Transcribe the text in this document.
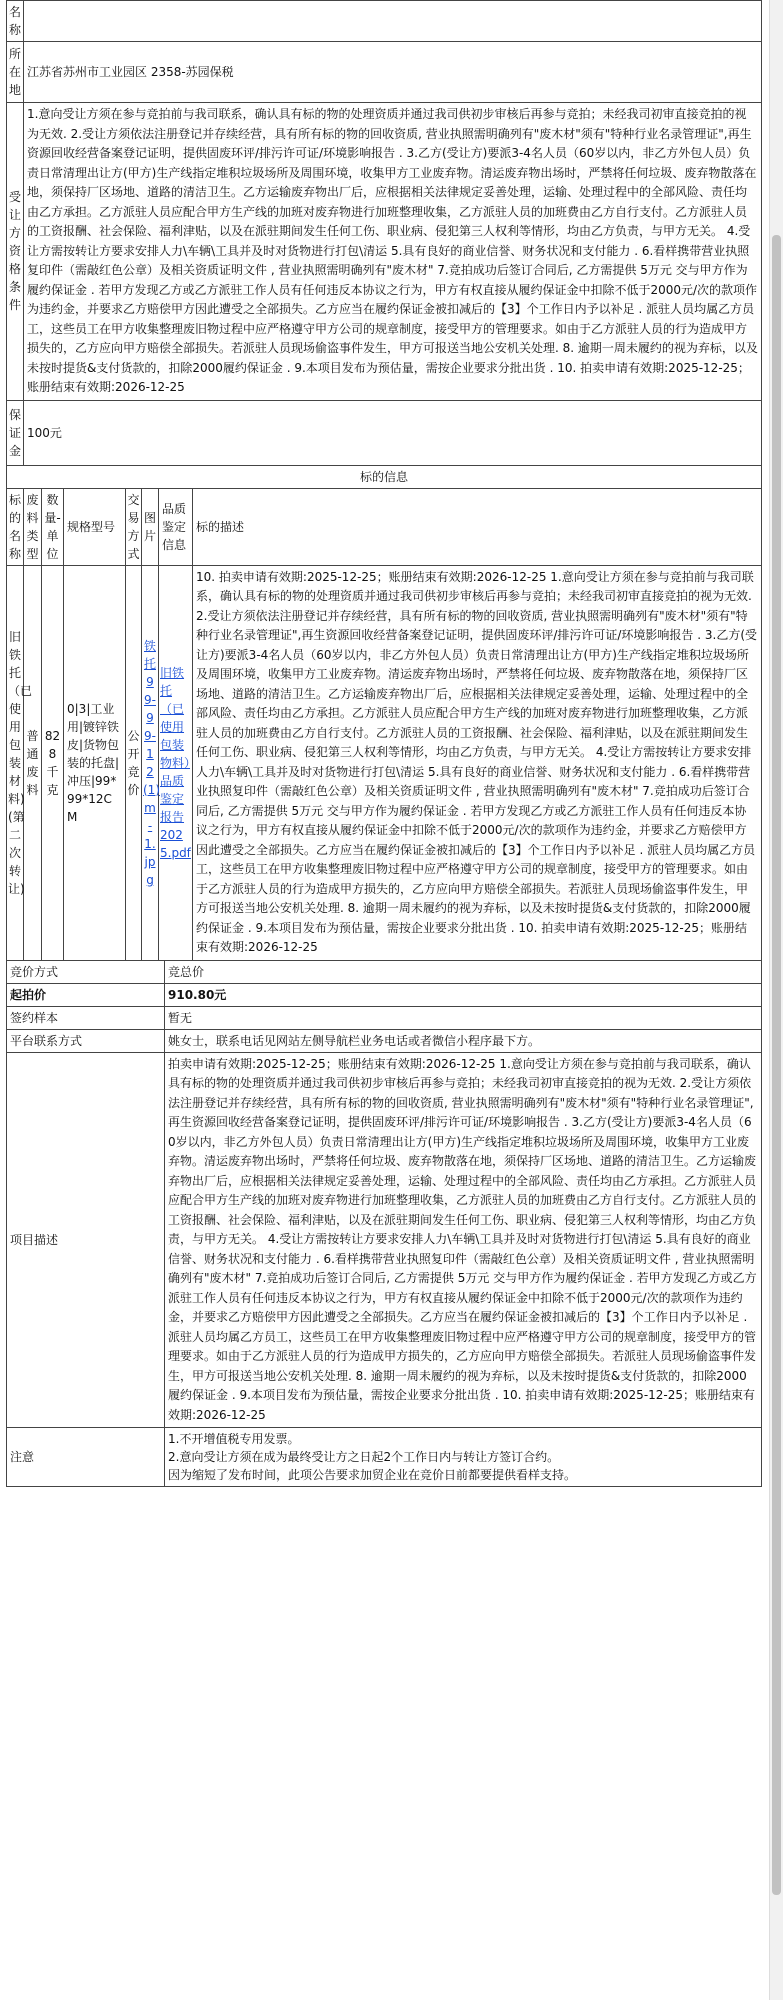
名称	
所在地	江苏省苏州市工业园区 2358-苏园保税
受让方资格条件	1.意向受让方须在参与竞拍前与我司联系，确认具有标的物的处理资质并通过我司供初步审核后再参与竞拍；未经我司初审直接竞拍的视为无效. 2.受让方须依法注册登记并存续经营，具有所有标的物的回收资质, 营业执照需明确列有"废木材"须有"特种行业名录管理证",再生资源回收经营备案登记证明，提供固废环评/排污许可证/环境影响报告 . 3.乙方(受让方)要派3-4名人员（60岁以内，非乙方外包人员）负责日常清理出让方(甲方)生产线指定堆积垃圾场所及周围环境，收集甲方工业废弃物。清运废弃物出场时，严禁将任何垃圾、废弃物散落在地，须保持厂区场地、道路的清洁卫生。乙方运输废弃物出厂后，应根据相关法律规定妥善处理，运输、处理过程中的全部风险、责任均由乙方承担。乙方派驻人员应配合甲方生产线的加班对废弃物进行加班整理收集，乙方派驻人员的加班费由乙方自行支付。乙方派驻人员的工资报酬、社会保险、福利津贴，以及在派驻期间发生任何工伤、职业病、侵犯第三人权利等情形，均由乙方负责，与甲方无关。 4.受让方需按转让方要求安排人力\车辆\工具并及时对货物进行打包\清运 5.具有良好的商业信誉、财务状况和支付能力 . 6.看样携带营业执照复印件（需敲红色公章）及相关资质证明文件 , 营业执照需明确列有"废木材" 7.竞拍成功后签订合同后, 乙方需提供 5万元 交与甲方作为履约保证金 . 若甲方发现乙方或乙方派驻工作人员有任何违反本协议之行为，甲方有权直接从履约保证金中扣除不低于2000元/次的款项作为违约金，并要求乙方赔偿甲方因此遭受之全部损失。乙方应当在履约保证金被扣减后的【3】个工作日内予以补足 . 派驻人员均属乙方员工，这些员工在甲方收集整理废旧物过程中应严格遵守甲方公司的规章制度，接受甲方的管理要求。如由于乙方派驻人员的行为造成甲方损失的，乙方应向甲方赔偿全部损失。若派驻人员现场偷盗事件发生，甲方可报送当地公安机关处理. 8. 逾期一周未履约的视为弃标，以及未按时提货&支付货款的，扣除2000履约保证金 . 9.本项目发布为预估量，需按企业要求分批出货 . 10. 拍卖申请有效期:2025-12-25；账册结束有效期:2026-12-25
保证金	100元
标的信息							
标的名称	废料类型	数量-单位	规格型号	交易方式	图片	品质鉴定信息	标的描述
旧铁托（已使用包装材料)(第二次转让)	普通废料	828千克	0|3|工业用|镀锌铁皮|货物包装的托盘|冲压|99*99*12CM	公开竞价	铁托 99-99-12(1)m-1.jpg	旧铁托（已使用包装物料）品质鉴定报告2025.pdf	10. 拍卖申请有效期:2025-12-25；账册结束有效期:2026-12-25 1.意向受让方须在参与竞拍前与我司联系，确认具有标的物的处理资质并通过我司供初步审核后再参与竞拍；未经我司初审直接竞拍的视为无效. 2.受让方须依法注册登记并存续经营，具有所有标的物的回收资质, 营业执照需明确列有"废木材"须有"特种行业名录管理证",再生资源回收经营备案登记证明，提供固废环评/排污许可证/环境影响报告 . 3.乙方(受让方)要派3-4名人员（60岁以内，非乙方外包人员）负责日常清理出让方(甲方)生产线指定堆积垃圾场所及周围环境，收集甲方工业废弃物。清运废弃物出场时，严禁将任何垃圾、废弃物散落在地，须保持厂区场地、道路的清洁卫生。乙方运输废弃物出厂后，应根据相关法律规定妥善处理，运输、处理过程中的全部风险、责任均由乙方承担。乙方派驻人员应配合甲方生产线的加班对废弃物进行加班整理收集，乙方派驻人员的加班费由乙方自行支付。乙方派驻人员的工资报酬、社会保险、福利津贴，以及在派驻期间发生任何工伤、职业病、侵犯第三人权利等情形，均由乙方负责，与甲方无关。 4.受让方需按转让方要求安排人力\车辆\工具并及时对货物进行打包\清运 5.具有良好的商业信誉、财务状况和支付能力 . 6.看样携带营业执照复印件（需敲红色公章）及相关资质证明文件 , 营业执照需明确列有"废木材" 7.竞拍成功后签订合同后, 乙方需提供 5万元 交与甲方作为履约保证金 . 若甲方发现乙方或乙方派驻工作人员有任何违反本协议之行为，甲方有权直接从履约保证金中扣除不低于2000元/次的款项作为违约金，并要求乙方赔偿甲方因此遭受之全部损失。乙方应当在履约保证金被扣减后的【3】个工作日内予以补足 . 派驻人员均属乙方员工，这些员工在甲方收集整理废旧物过程中应严格遵守甲方公司的规章制度，接受甲方的管理要求。如由于乙方派驻人员的行为造成甲方损失的，乙方应向甲方赔偿全部损失。若派驻人员现场偷盗事件发生，甲方可报送当地公安机关处理. 8. 逾期一周未履约的视为弃标，以及未按时提货&支付货款的，扣除2000履约保证金 . 9.本项目发布为预估量，需按企业要求分批出货 . 10. 拍卖申请有效期:2025-12-25；账册结束有效期:2026-12-25
竞价方式	竞总价
起拍价	910.80元
签约样本	暂无
平台联系方式	姚女士，联系电话见网站左侧导航栏业务电话或者微信小程序最下方。
项目描述	拍卖申请有效期:2025-12-25；账册结束有效期:2026-12-25 1.意向受让方须在参与竞拍前与我司联系，确认具有标的物的处理资质并通过我司供初步审核后再参与竞拍；未经我司初审直接竞拍的视为无效. 2.受让方须依法注册登记并存续经营，具有所有标的物的回收资质, 营业执照需明确列有"废木材"须有"特种行业名录管理证",再生资源回收经营备案登记证明，提供固废环评/排污许可证/环境影响报告 . 3.乙方(受让方)要派3-4名人员（60岁以内，非乙方外包人员）负责日常清理出让方(甲方)生产线指定堆积垃圾场所及周围环境，收集甲方工业废弃物。清运废弃物出场时，严禁将任何垃圾、废弃物散落在地，须保持厂区场地、道路的清洁卫生。乙方运输废弃物出厂后，应根据相关法律规定妥善处理，运输、处理过程中的全部风险、责任均由乙方承担。乙方派驻人员应配合甲方生产线的加班对废弃物进行加班整理收集，乙方派驻人员的加班费由乙方自行支付。乙方派驻人员的工资报酬、社会保险、福利津贴，以及在派驻期间发生任何工伤、职业病、侵犯第三人权利等情形，均由乙方负责，与甲方无关。 4.受让方需按转让方要求安排人力\车辆\工具并及时对货物进行打包\清运 5.具有良好的商业信誉、财务状况和支付能力 . 6.看样携带营业执照复印件（需敲红色公章）及相关资质证明文件 , 营业执照需明确列有"废木材" 7.竞拍成功后签订合同后, 乙方需提供 5万元 交与甲方作为履约保证金 . 若甲方发现乙方或乙方派驻工作人员有任何违反本协议之行为，甲方有权直接从履约保证金中扣除不低于2000元/次的款项作为违约金，并要求乙方赔偿甲方因此遭受之全部损失。乙方应当在履约保证金被扣减后的【3】个工作日内予以补足 . 派驻人员均属乙方员工，这些员工在甲方收集整理废旧物过程中应严格遵守甲方公司的规章制度，接受甲方的管理要求。如由于乙方派驻人员的行为造成甲方损失的，乙方应向甲方赔偿全部损失。若派驻人员现场偷盗事件发生，甲方可报送当地公安机关处理. 8. 逾期一周未履约的视为弃标，以及未按时提货&支付货款的，扣除2000履约保证金 . 9.本项目发布为预估量，需按企业要求分批出货 . 10. 拍卖申请有效期:2025-12-25；账册结束有效期:2026-12-25
注意	1.不开增值税专用发票。
2.意向受让方须在成为最终受让方之日起2个工作日内与转让方签订合约。
因为缩短了发布时间，此项公告要求加贸企业在竞价日前都要提供看样支持。
